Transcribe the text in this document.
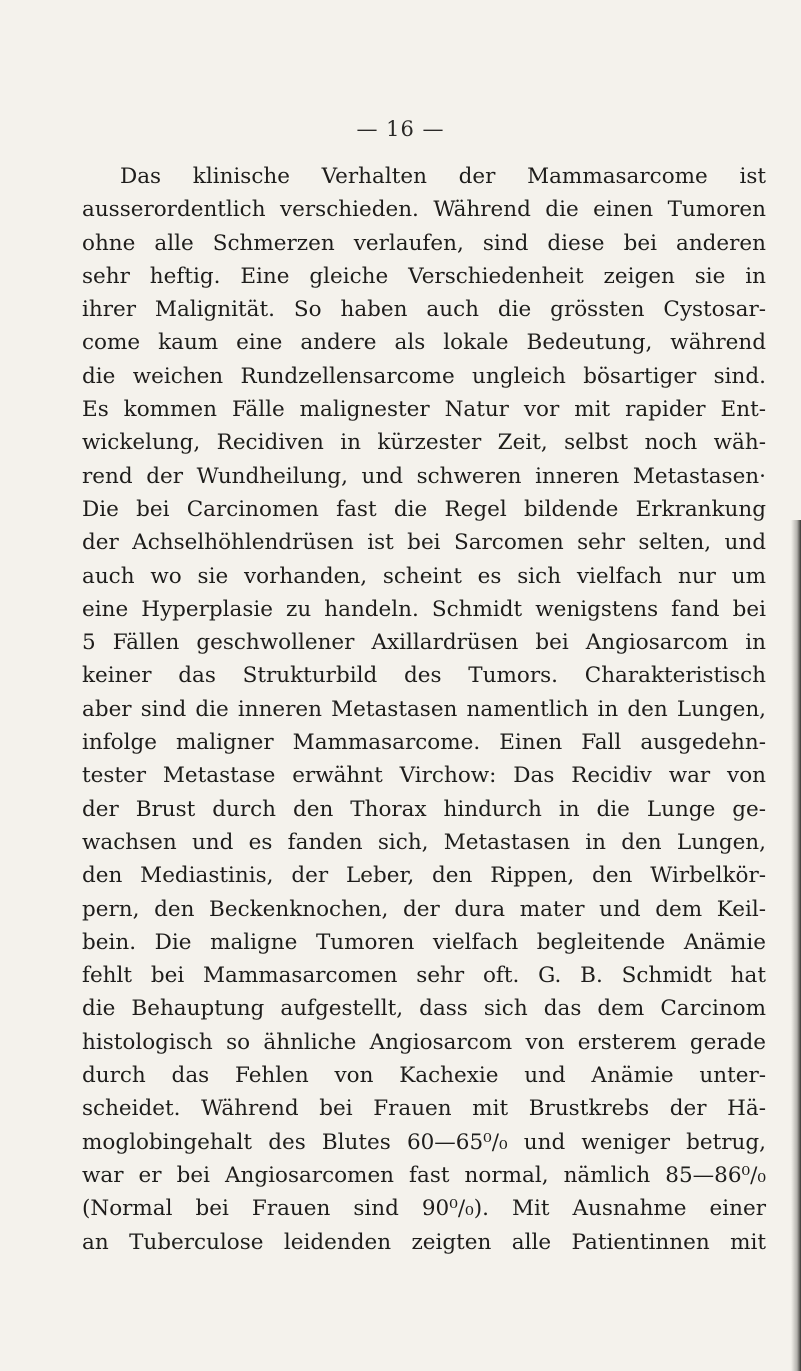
— 16 —
Das klinische Verhalten der Mammasarcome ist
ausserordentlich verschieden. Während die einen Tumoren
ohne alle Schmerzen verlaufen, sind diese bei anderen
sehr heftig. Eine gleiche Verschiedenheit zeigen sie in
ihrer Malignität. So haben auch die grössten Cystosar-
come kaum eine andere als lokale Bedeutung, während
die weichen Rundzellensarcome ungleich bösartiger sind.
Es kommen Fälle malignester Natur vor mit rapider Ent-
wickelung, Recidiven in kürzester Zeit, selbst noch wäh-
rend der Wundheilung, und schweren inneren Metastasen·
Die bei Carcinomen fast die Regel bildende Erkrankung
der Achselhöhlendrüsen ist bei Sarcomen sehr selten, und
auch wo sie vorhanden, scheint es sich vielfach nur um
eine Hyperplasie zu handeln. Schmidt wenigstens fand bei
5 Fällen geschwollener Axillardrüsen bei Angiosarcom in
keiner das Strukturbild des Tumors. Charakteristisch
aber sind die inneren Metastasen namentlich in den Lungen,
infolge maligner Mammasarcome. Einen Fall ausgedehn-
tester Metastase erwähnt Virchow: Das Recidiv war von
der Brust durch den Thorax hindurch in die Lunge ge-
wachsen und es fanden sich, Metastasen in den Lungen,
den Mediastinis, der Leber, den Rippen, den Wirbelkör-
pern, den Beckenknochen, der dura mater und dem Keil-
bein. Die maligne Tumoren vielfach begleitende Anämie
fehlt bei Mammasarcomen sehr oft. G. B. Schmidt hat
die Behauptung aufgestellt, dass sich das dem Carcinom
histologisch so ähnliche Angiosarcom von ersterem gerade
durch das Fehlen von Kachexie und Anämie unter-
scheidet. Während bei Frauen mit Brustkrebs der Hä-
moglobingehalt des Blutes 60—65⁰/₀ und weniger betrug,
war er bei Angiosarcomen fast normal, nämlich 85—86⁰/₀
(Normal bei Frauen sind 90⁰/₀). Mit Ausnahme einer
an Tuberculose leidenden zeigten alle Patientinnen mit
